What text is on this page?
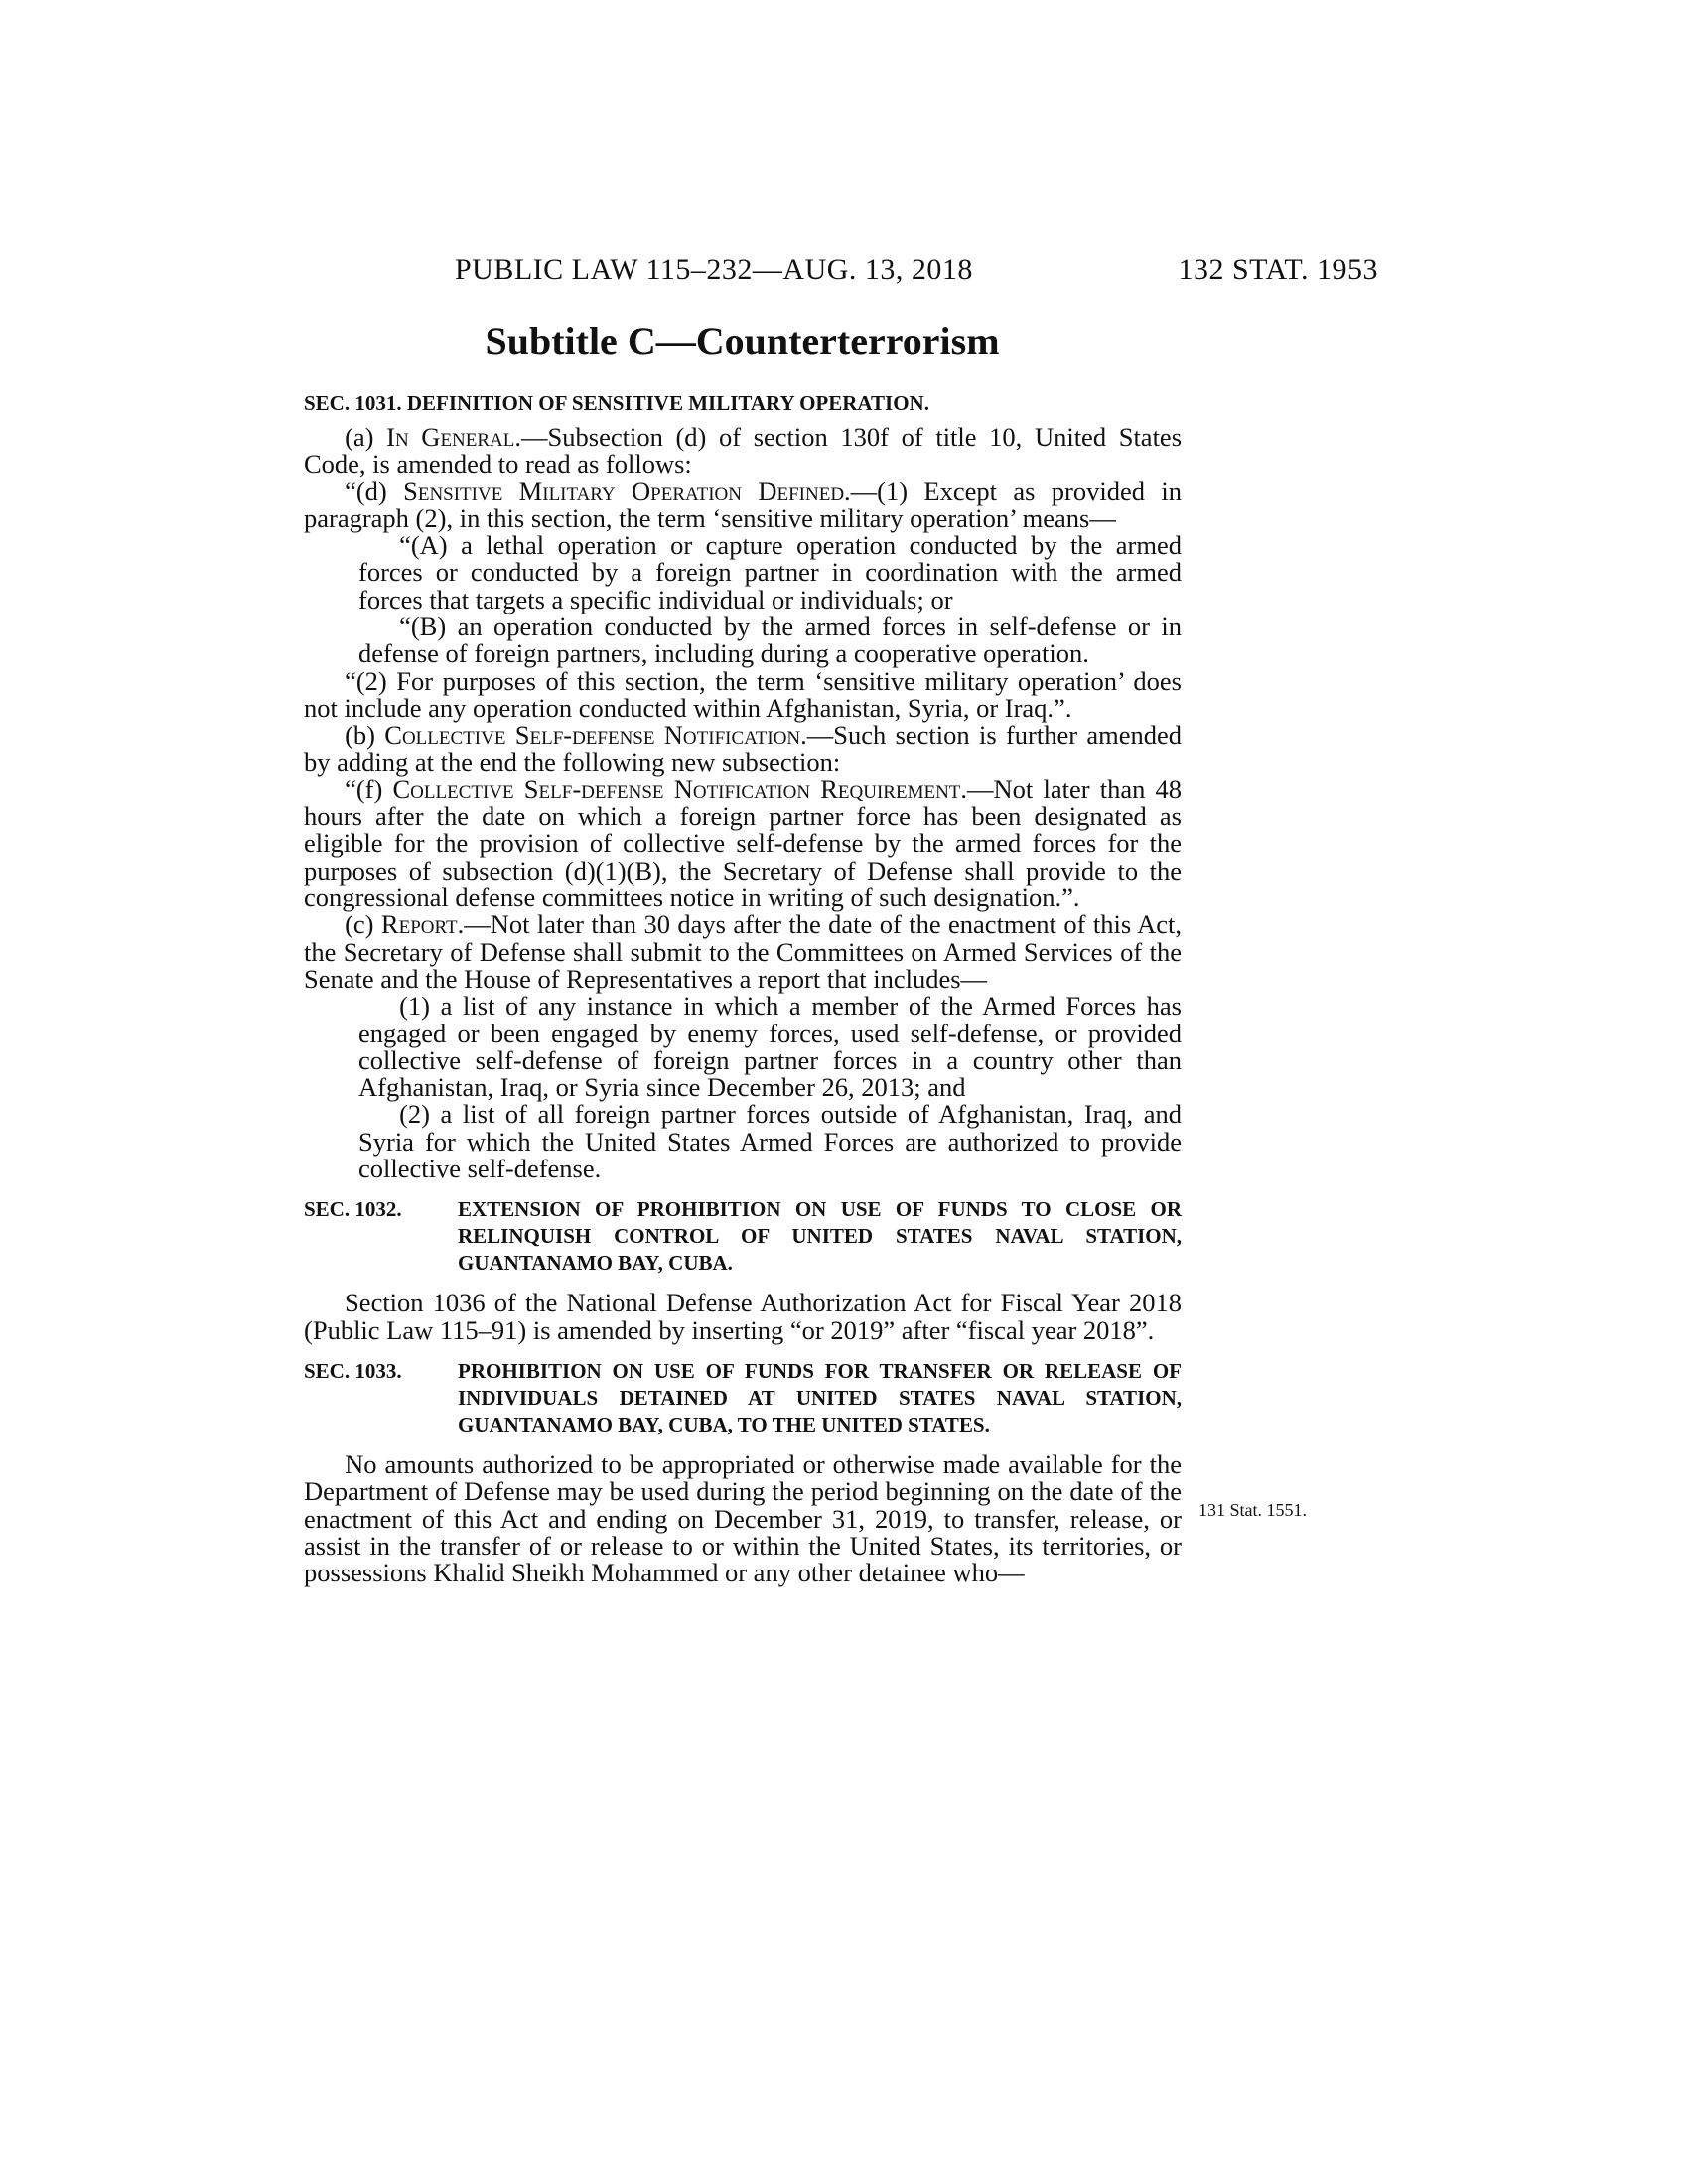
PUBLIC LAW 115–232—AUG. 13, 2018	132 STAT. 1953
Subtitle C—Counterterrorism
SEC. 1031. DEFINITION OF SENSITIVE MILITARY OPERATION.

(a) In General.—Subsection (d) of section 130f of title 10, United States Code, is amended to read as follows:

“(d) Sensitive Military Operation Defined.—(1) Except as provided in paragraph (2), in this section, the term ‘sensitive military operation’ means—

“(A) a lethal operation or capture operation conducted by the armed forces or conducted by a foreign partner in coordination with the armed forces that targets a specific individual or individuals; or

“(B) an operation conducted by the armed forces in self-defense or in defense of foreign partners, including during a cooperative operation.

“(2) For purposes of this section, the term ‘sensitive military operation’ does not include any operation conducted within Afghanistan, Syria, or Iraq.”.

(b) Collective Self-defense Notification.—Such section is further amended by adding at the end the following new subsection:

“(f) Collective Self-defense Notification Requirement.—Not later than 48 hours after the date on which a foreign partner force has been designated as eligible for the provision of collective self-defense by the armed forces for the purposes of subsection (d)(1)(B), the Secretary of Defense shall provide to the congressional defense committees notice in writing of such designation.”.

(c) Report.—Not later than 30 days after the date of the enactment of this Act, the Secretary of Defense shall submit to the Committees on Armed Services of the Senate and the House of Representatives a report that includes—

(1) a list of any instance in which a member of the Armed Forces has engaged or been engaged by enemy forces, used self-defense, or provided collective self-defense of foreign partner forces in a country other than Afghanistan, Iraq, or Syria since December 26, 2013; and

(2) a list of all foreign partner forces outside of Afghanistan, Iraq, and Syria for which the United States Armed Forces are authorized to provide collective self-defense.

SEC. 1032.	EXTENSION OF PROHIBITION ON USE OF FUNDS TO CLOSE OR RELINQUISH CONTROL OF UNITED STATES NAVAL STATION, GUANTANAMO BAY, CUBA.

Section 1036 of the National Defense Authorization Act for Fiscal Year 2018 (Public Law 115–91) is amended by inserting “or 2019” after “fiscal year 2018”.

SEC. 1033.	PROHIBITION ON USE OF FUNDS FOR TRANSFER OR RELEASE OF INDIVIDUALS DETAINED AT UNITED STATES NAVAL STATION, GUANTANAMO BAY, CUBA, TO THE UNITED STATES.

No amounts authorized to be appropriated or otherwise made available for the Department of Defense may be used during the period beginning on the date of the enactment of this Act and ending on December 31, 2019, to transfer, release, or assist in the transfer of or release to or within the United States, its territories, or possessions Khalid Sheikh Mohammed or any other detainee who—

131 Stat. 1551.
